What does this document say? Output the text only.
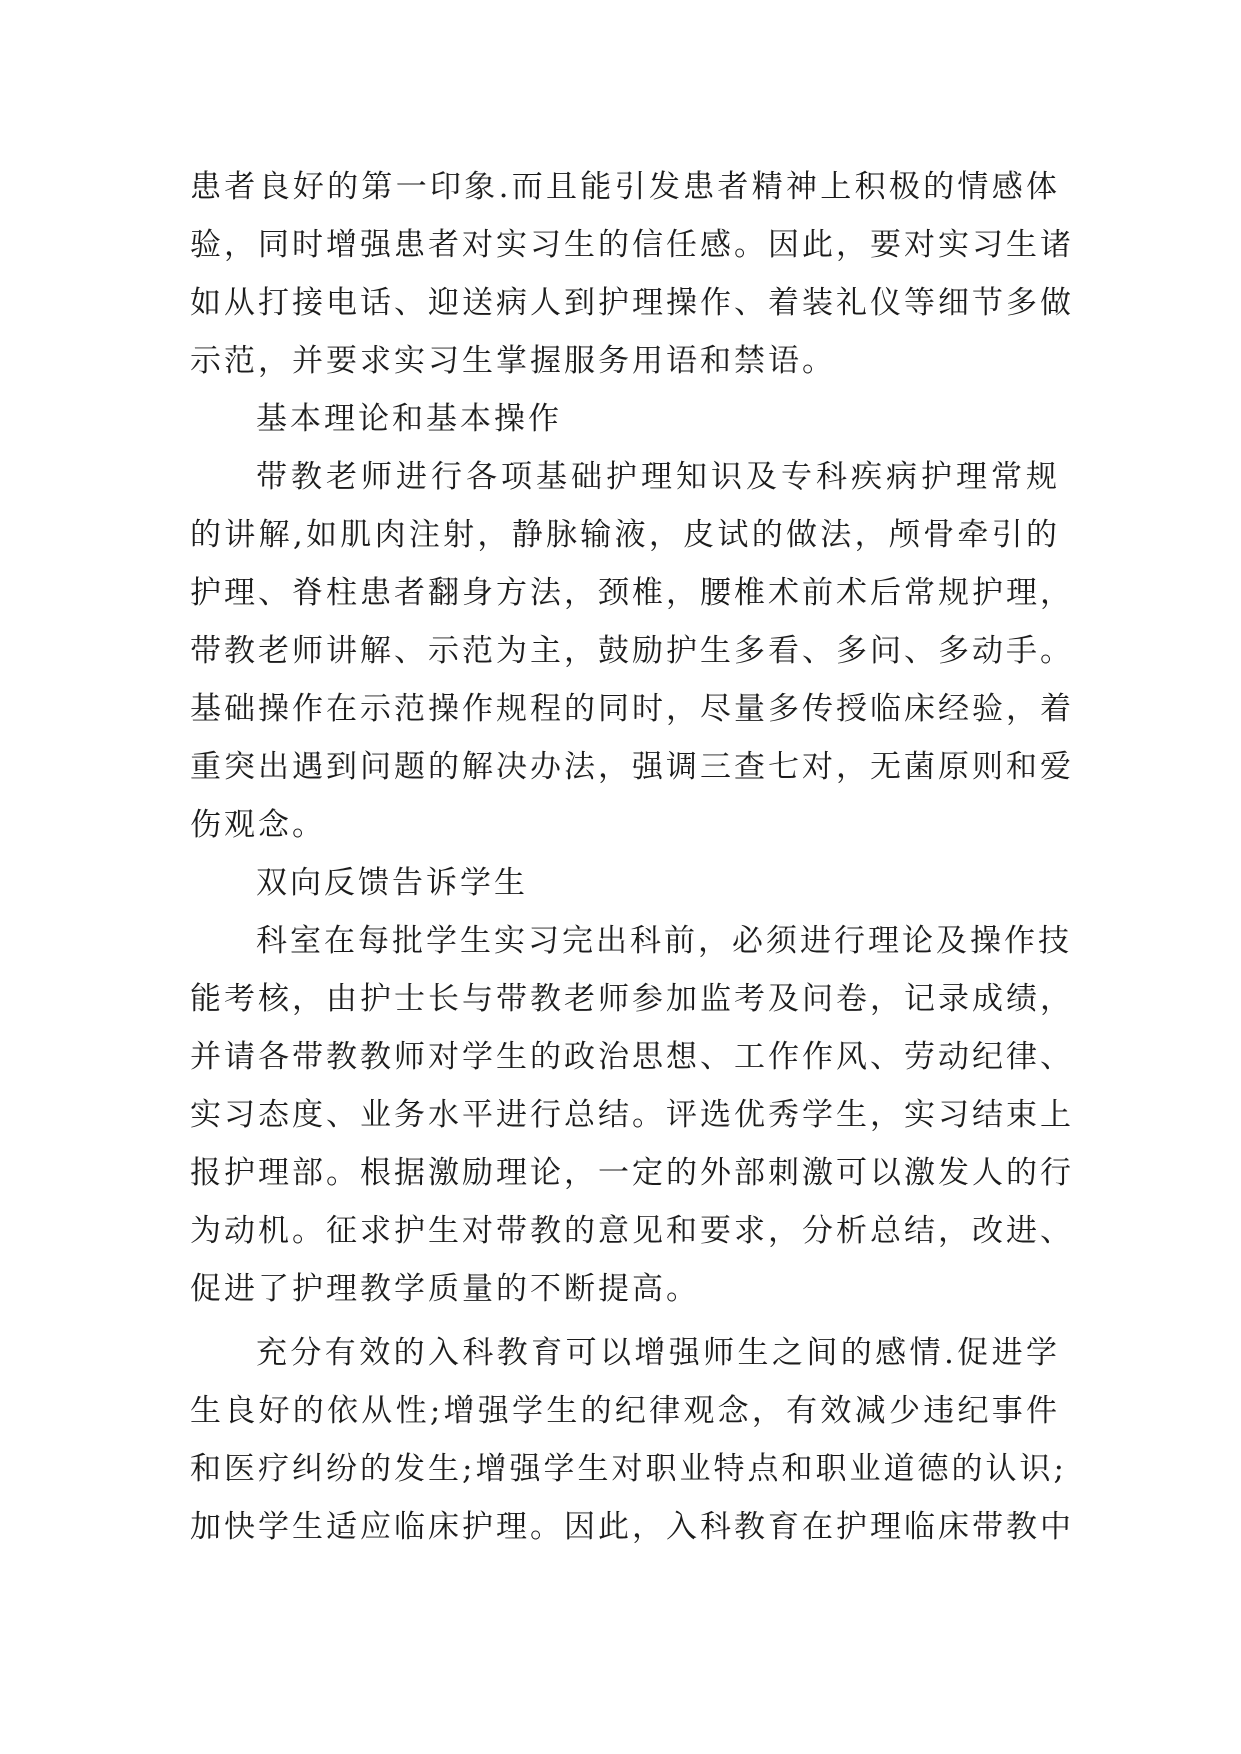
患者良好的第一印象.而且能引发患者精神上积极的情感体
验，同时增强患者对实习生的信任感。因此，要对实习生诸
如从打接电话、迎送病人到护理操作、着装礼仪等细节多做
示范，并要求实习生掌握服务用语和禁语。
基本理论和基本操作
带教老师进行各项基础护理知识及专科疾病护理常规
的讲解,如肌肉注射，静脉输液，皮试的做法，颅骨牵引的
护理、脊柱患者翻身方法，颈椎，腰椎术前术后常规护理，
带教老师讲解、示范为主，鼓励护生多看、多问、多动手。
基础操作在示范操作规程的同时，尽量多传授临床经验，着
重突出遇到问题的解决办法，强调三查七对，无菌原则和爱
伤观念。
双向反馈告诉学生
科室在每批学生实习完出科前，必须进行理论及操作技
能考核，由护士长与带教老师参加监考及问卷，记录成绩，
并请各带教教师对学生的政治思想、工作作风、劳动纪律、
实习态度、业务水平进行总结。评选优秀学生，实习结束上
报护理部。根据激励理论，一定的外部刺激可以激发人的行
为动机。征求护生对带教的意见和要求，分析总结，改进、
促进了护理教学质量的不断提高。
充分有效的入科教育可以增强师生之间的感情.促进学
生良好的依从性;增强学生的纪律观念，有效减少违纪事件
和医疗纠纷的发生;增强学生对职业特点和职业道德的认识;
加快学生适应临床护理。因此，入科教育在护理临床带教中
